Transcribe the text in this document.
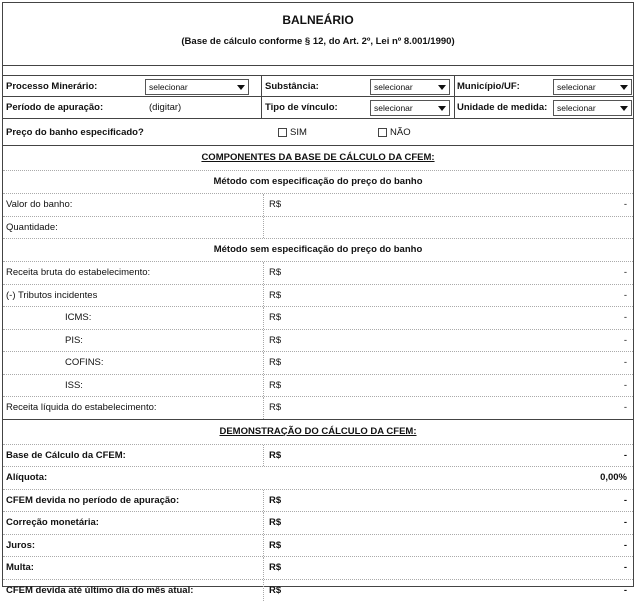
BALNEÁRIO
(Base de cálculo conforme § 12, do Art. 2º, Lei nº 8.001/1990)
Processo Minerário:	selecionar	Substância:	selecionar	Município/UF:	selecionar
Período de apuração:	(digitar)	Tipo de vínculo:	selecionar	Unidade de medida: selecionar
Preço do banho especificado?	SIM	NÃO
COMPONENTES DA BASE DE CÁLCULO DA CFEM:
Método com especificação do preço do banho
Valor do banho:	R$	-
Quantidade:
Método sem especificação do preço do banho
Receita bruta do estabelecimento:	R$	-
(-) Tributos incidentes	R$	-
ICMS:	R$	-
PIS:	R$	-
COFINS:	R$	-
ISS:	R$	-
Receita líquida do estabelecimento:	R$	-
DEMONSTRAÇÃO DO CÁLCULO DA CFEM:
Base de Cálculo da CFEM:	R$	-
Alíquota:	0,00%
CFEM devida no período de apuração:	R$	-
Correção monetária:	R$	-
Juros:	R$	-
Multa:	R$	-
CFEM devida até último dia do mês atual:	R$	-
